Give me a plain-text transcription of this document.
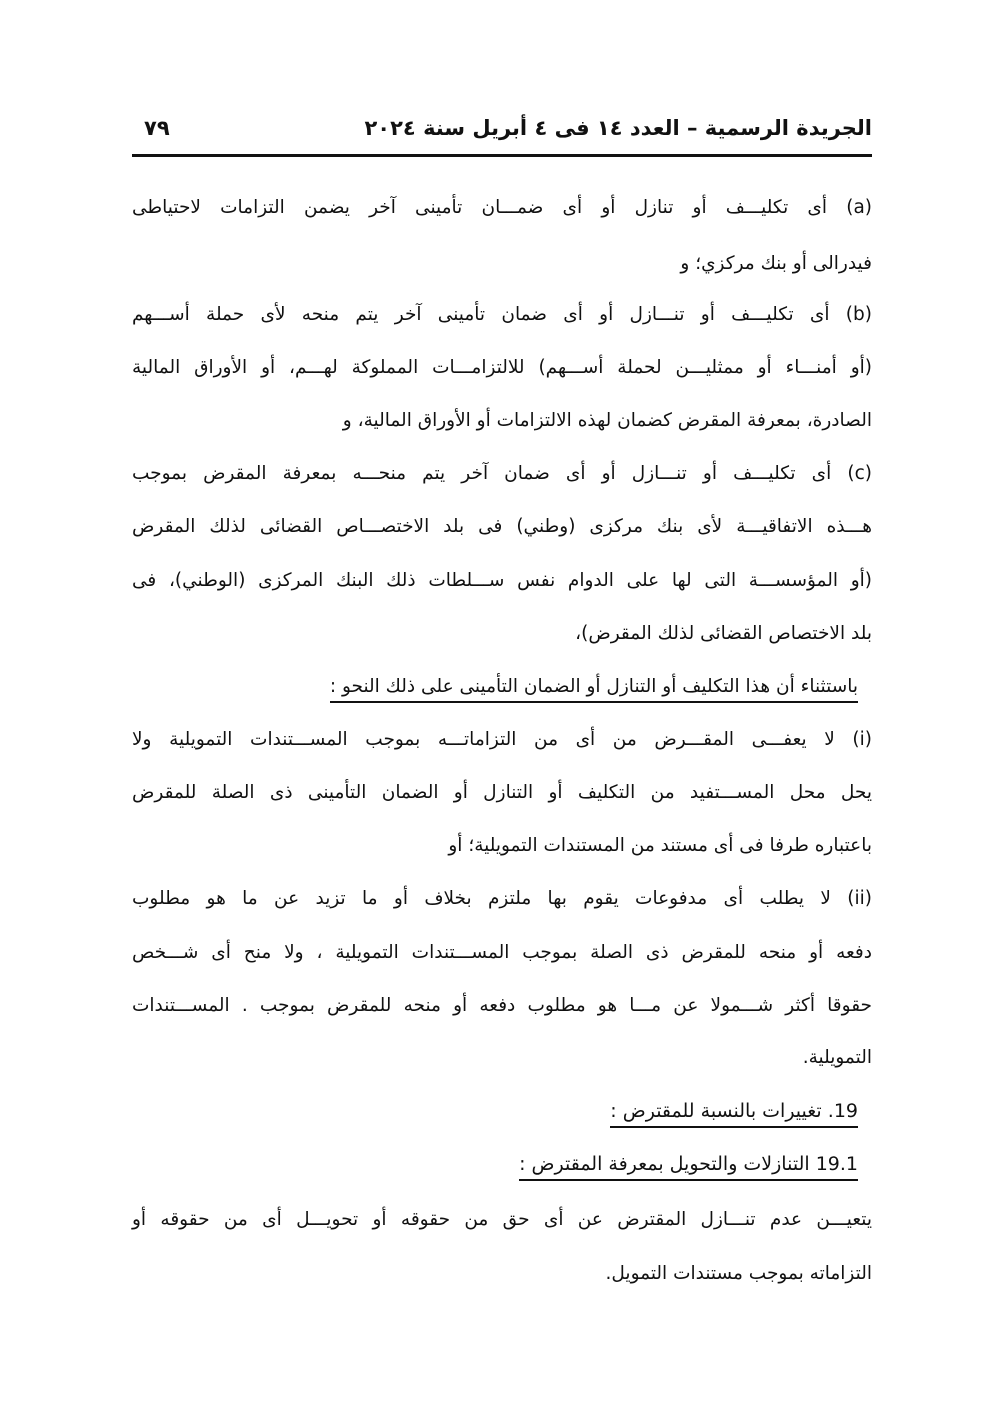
الجريدة الرسمية – العدد ١٤ فى ٤ أبريل سنة ٢٠٢٤
٧٩
(a) أى تكليـــف أو تنازل أو أى ضمـــان تأمينى آخر يضمن التزامات لاحتياطى
فيدرالى أو بنك مركزي؛ و
(b) أى تكليـــف أو تنـــازل أو أى ضمان تأمينى آخر يتم منحه لأى حملة أســـهم
(أو أمنـــاء أو ممثليـــن لحملة أســـهم) للالتزامـــات المملوكة لهـــم، أو الأوراق المالية
الصادرة، بمعرفة المقرض كضمان لهذه الالتزامات أو الأوراق المالية، و
(c) أى تكليـــف أو تنـــازل أو أى ضمان آخر يتم منحـــه بمعرفة المقرض بموجب
هـــذه الاتفاقيـــة لأى بنك مركزى (وطني) فى بلد الاختصـــاص القضائى لذلك المقرض
(أو المؤسســـة التى لها على الدوام نفس ســـلطات ذلك البنك المركزى (الوطني)، فى
بلد الاختصاص القضائى لذلك المقرض)،
باستثناء أن هذا التكليف أو التنازل أو الضمان التأمينى على ذلك النحو :
(i) لا يعفـــى المقـــرض من أى من التزاماتـــه بموجب المســـتندات التمويلية ولا
يحل محل المســـتفيد من التكليف أو التنازل أو الضمان التأمينى ذى الصلة للمقرض
باعتباره طرفا فى أى مستند من المستندات التمويلية؛ أو
(ii) لا يطلب أى مدفوعات يقوم بها ملتزم بخلاف أو ما تزيد عن ما هو مطلوب
دفعه أو منحه للمقرض ذى الصلة بموجب المســـتندات التمويلية ، ولا منح أى شـــخص
حقوقا أكثر شـــمولا عن مـــا هو مطلوب دفعه أو منحه للمقرض بموجب . المســـتندات
التمويلية.
19. تغييرات بالنسبة للمقترض :
19.1 التنازلات والتحويل بمعرفة المقترض :
يتعيـــن عدم تنـــازل المقترض عن أى حق من حقوقه أو تحويـــل أى من حقوقه أو
التزاماته بموجب مستندات التمويل.
